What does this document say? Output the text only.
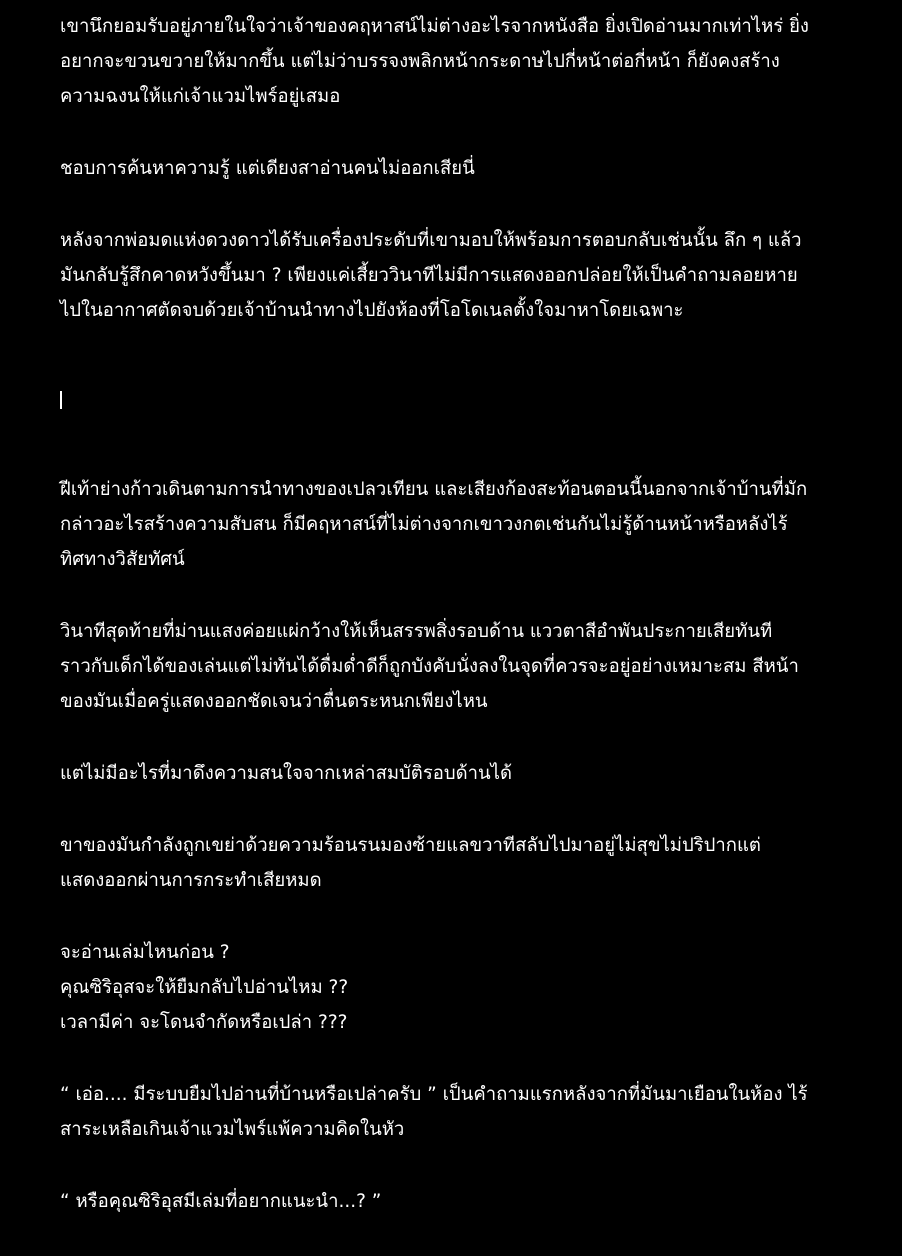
เขานึกยอมรับอยู่ภายในใจว่าเจ้าของคฤหาสน์ไม่ต่างอะไรจากหนังสือ ยิ่งเปิดอ่านมากเท่าไหร่ ยิ่ง
อยากจะขวนขวายให้มากขึ้น แต่ไม่ว่าบรรจงพลิกหน้ากระดาษไปกี่หน้าต่อกี่หน้า ก็ยังคงสร้าง
ความฉงนให้แก่เจ้าแวมไพร์อยู่เสมอ
ชอบการค้นหาความรู้ แต่เดียงสาอ่านคนไม่ออกเสียนี่
หลังจากพ่อมดแห่งดวงดาวได้รับเครื่องประดับที่เขามอบให้พร้อมการตอบกลับเช่นนั้น ลึก ๆ แล้ว
มันกลับรู้สึกคาดหวังขึ้นมา ? เพียงแค่เสี้ยววินาทีไม่มีการแสดงออกปล่อยให้เป็นคำถามลอยหาย
ไปในอากาศตัดจบด้วยเจ้าบ้านนำทางไปยังห้องที่โอโดเนลตั้งใจมาหาโดยเฉพาะ
ฝีเท้าย่างก้าวเดินตามการนำทางของเปลวเทียน และเสียงก้องสะท้อนตอนนี้นอกจากเจ้าบ้านที่มัก
กล่าวอะไรสร้างความสับสน ก็มีคฤหาสน์ที่ไม่ต่างจากเขาวงกตเช่นกันไม่รู้ด้านหน้าหรือหลังไร้
ทิศทางวิสัยทัศน์
วินาทีสุดท้ายที่ม่านแสงค่อยแผ่กว้างให้เห็นสรรพสิ่งรอบด้าน แววตาสีอำพันประกายเสียทันที
ราวกับเด็กได้ของเล่นแต่ไม่ทันได้ดื่มด่ำดีก็ถูกบังคับนั่งลงในจุดที่ควรจะอยู่อย่างเหมาะสม สีหน้า
ของมันเมื่อครู่แสดงออกชัดเจนว่าตื่นตระหนกเพียงไหน
แต่ไม่มีอะไรที่มาดึงความสนใจจากเหล่าสมบัติรอบด้านได้
ขาของมันกำลังถูกเขย่าด้วยความร้อนรนมองซ้ายแลขวาทีสลับไปมาอยู่ไม่สุขไม่ปริปากแต่
แสดงออกผ่านการกระทำเสียหมด
จะอ่านเล่มไหนก่อน ?
คุณซิริอุสจะให้ยืมกลับไปอ่านไหม ??
เวลามีค่า จะโดนจำกัดหรือเปล่า ???
“ เอ่อ.... มีระบบยืมไปอ่านที่บ้านหรือเปล่าครับ ” เป็นคำถามแรกหลังจากที่มันมาเยือนในห้อง ไร้
สาระเหลือเกินเจ้าแวมไพร์แพ้ความคิดในหัว
“ หรือคุณซิริอุสมีเล่มที่อยากแนะนำ...? ”
